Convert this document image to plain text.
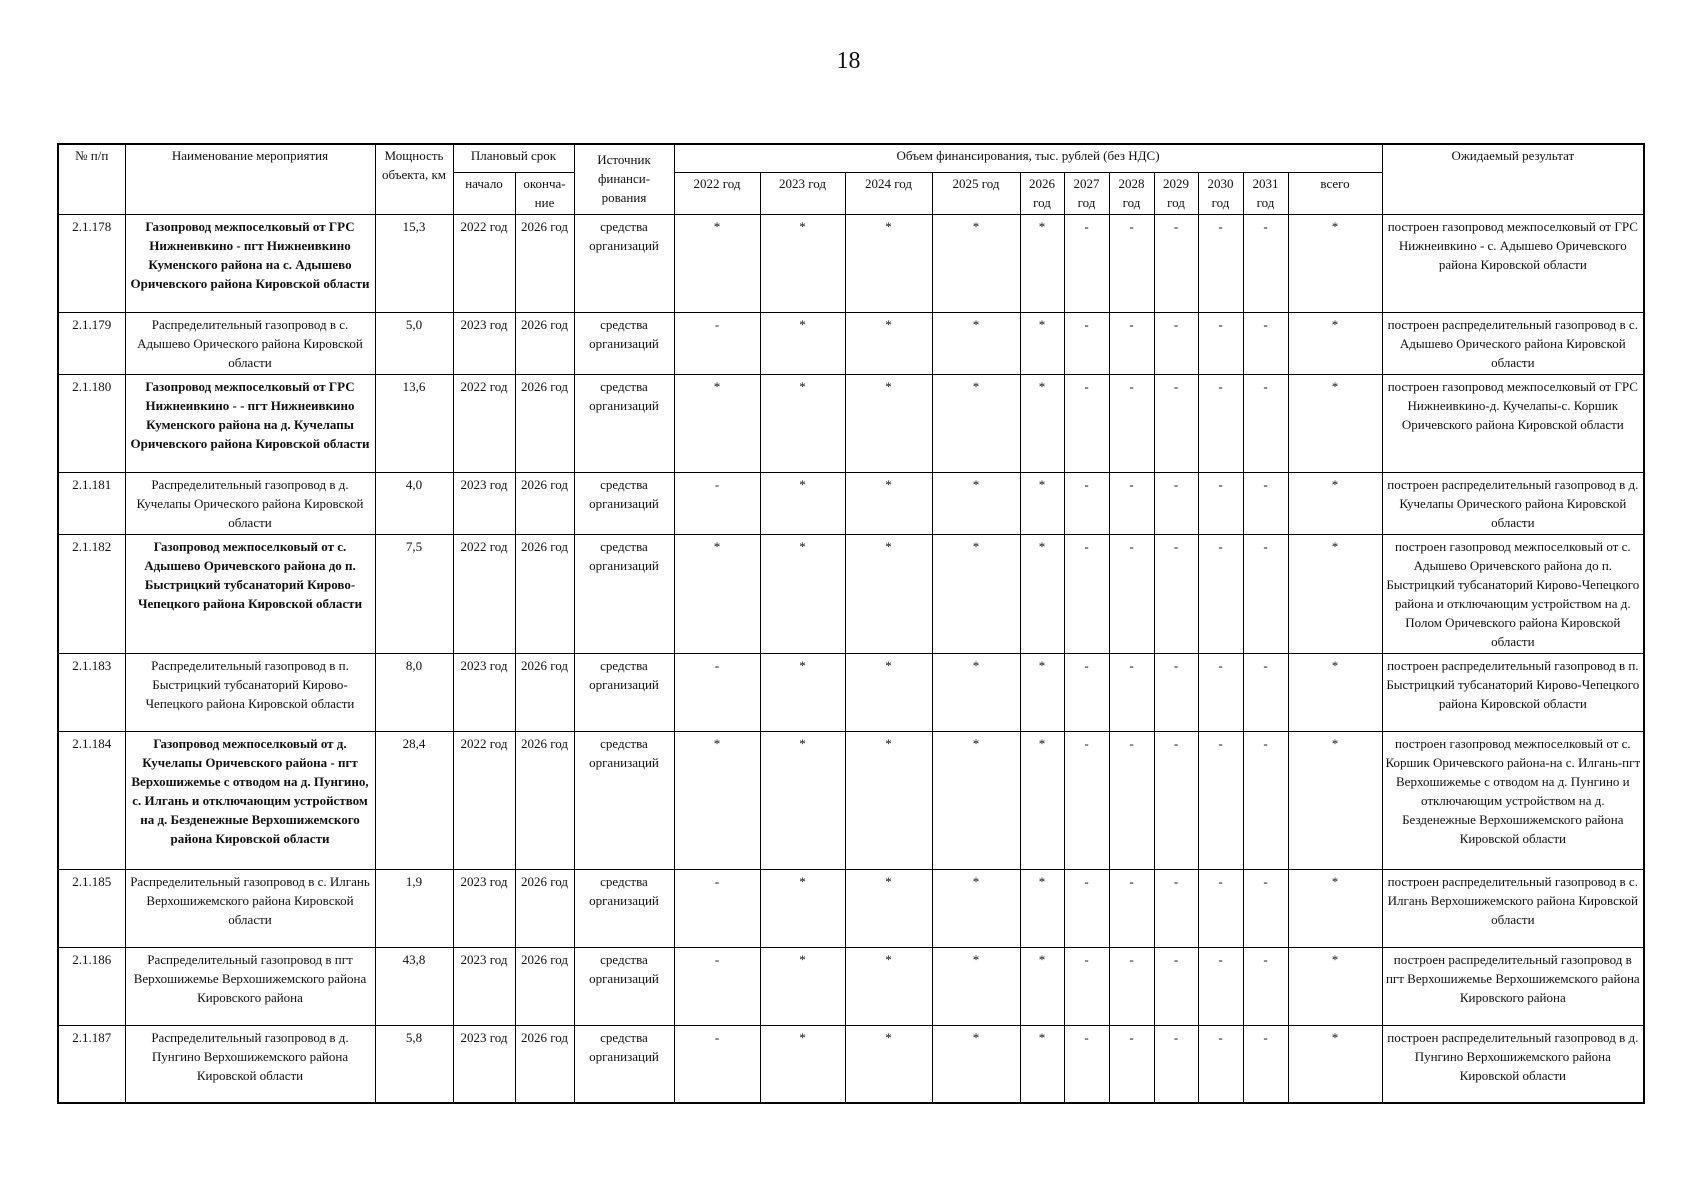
18
№ п/п	Наименование мероприятия	Мощность объекта, км	Плановый срок		Источник финанси-рования	Объем финансирования, тыс. рублей (без НДС)											Ожидаемый результат
			начало	оконча-ние		2022 год	2023 год	2024 год	2025 год	2026 год	2027 год	2028 год	2029 год	2030 год	2031 год	всего	
2.1.178	Газопровод межпоселковый от ГРС Нижнеивкино - пгт Нижнеивкино Куменского района на с. Адышево Оричевского района Кировской области	15,3	2022 год	2026 год	средства организаций	*	*	*	*	*	-	-	-	-	-	*	построен газопровод межпоселковый от ГРС Нижнеивкино - с. Адышево Оричевского района Кировской области
2.1.179	Распределительный газопровод в с. Адышево Орического района Кировской области	5,0	2023 год	2026 год	средства организаций	-	*	*	*	*	-	-	-	-	-	*	построен распределительный газопровод в с. Адышево Орического района Кировской области
2.1.180	Газопровод межпоселковый от ГРС Нижнеивкино - - пгт Нижнеивкино Куменского района на д. Кучелапы Оричевского района Кировской области	13,6	2022 год	2026 год	средства организаций	*	*	*	*	*	-	-	-	-	-	*	построен газопровод межпоселковый от ГРС Нижнеивкино-д. Кучелапы-с. Коршик Оричевского района Кировской области
2.1.181	Распределительный газопровод в д. Кучелапы Орического района Кировской области	4,0	2023 год	2026 год	средства организаций	-	*	*	*	*	-	-	-	-	-	*	построен распределительный газопровод в д. Кучелапы Орического района Кировской области
2.1.182	Газопровод межпоселковый от с. Адышево Оричевского района до п. Быстрицкий тубсанаторий Кирово-Чепецкого района Кировской области	7,5	2022 год	2026 год	средства организаций	*	*	*	*	*	-	-	-	-	-	*	построен газопровод межпоселковый от с. Адышево Оричевского района до п. Быстрицкий тубсанаторий Кирово-Чепецкого района и отключающим устройством на д. Полом Оричевского района Кировской области
2.1.183	Распределительный газопровод в п. Быстрицкий тубсанаторий Кирово-Чепецкого района Кировской области	8,0	2023 год	2026 год	средства организаций	-	*	*	*	*	-	-	-	-	-	*	построен распределительный газопровод в п. Быстрицкий тубсанаторий Кирово-Чепецкого района Кировской области
2.1.184	Газопровод межпоселковый от д. Кучелапы Оричевского района - пгт Верхошижемье с отводом на д. Пунгино, с. Илгань и отключающим устройством на д. Безденежные Верхошижемского района Кировской области	28,4	2022 год	2026 год	средства организаций	*	*	*	*	*	-	-	-	-	-	*	построен газопровод межпоселковый от с. Коршик Оричевского района-на с. Илгань-пгт Верхошижемье с отводом на д. Пунгино и отключающим устройством на д. Безденежные Верхошижемского района Кировской области
2.1.185	Распределительный газопровод в с. Илгань Верхошижемского района Кировской области	1,9	2023 год	2026 год	средства организаций	-	*	*	*	*	-	-	-	-	-	*	построен распределительный газопровод в с. Илгань Верхошижемского района Кировской области
2.1.186	Распределительный газопровод в пгт Верхошижемье Верхошижемского района Кировского района	43,8	2023 год	2026 год	средства организаций	-	*	*	*	*	-	-	-	-	-	*	построен распределительный газопровод в пгт Верхошижемье Верхошижемского района Кировского района
2.1.187	Распределительный газопровод в д. Пунгино Верхошижемского района Кировской области	5,8	2023 год	2026 год	средства организаций	-	*	*	*	*	-	-	-	-	-	*	построен распределительный газопровод в д. Пунгино Верхошижемского района Кировской области
